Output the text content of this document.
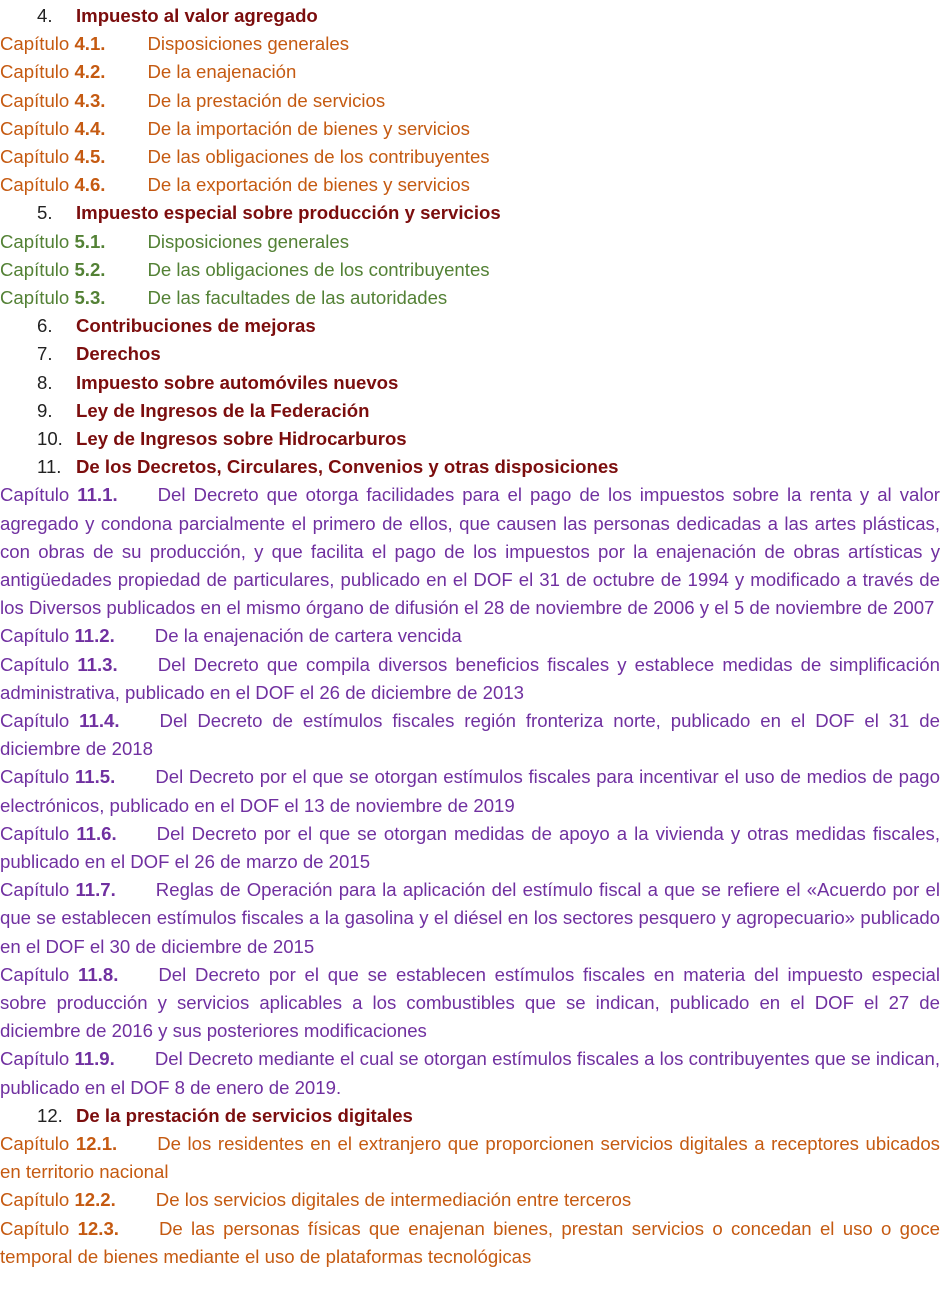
4.	Impuesto al valor agregado

Capítulo 4.1. Disposiciones generales

Capítulo 4.2. De la enajenación

Capítulo 4.3. De la prestación de servicios

Capítulo 4.4. De la importación de bienes y servicios

Capítulo 4.5. De las obligaciones de los contribuyentes

Capítulo 4.6. De la exportación de bienes y servicios

5.	Impuesto especial sobre producción y servicios

Capítulo 5.1. Disposiciones generales

Capítulo 5.2. De las obligaciones de los contribuyentes

Capítulo 5.3. De las facultades de las autoridades

6.	Contribuciones de mejoras
7.	Derechos
8.	Impuesto sobre automóviles nuevos
9.	Ley de Ingresos de la Federación
10. Ley de Ingresos sobre Hidrocarburos
11. De los Decretos, Circulares, Convenios y otras disposiciones

Capítulo 11.1. Del Decreto que otorga facilidades para el pago de los impuestos sobre la renta y al valor agregado y condona parcialmente el primero de ellos, que causen las personas dedicadas a las artes plásticas, con obras de su producción, y que facilita el pago de los impuestos por la enajenación de obras artísticas y antigüedades propiedad de particulares, publicado en el DOF el 31 de octubre de 1994 y modificado a través de los Diversos publicados en el mismo órgano de difusión el 28 de noviembre de 2006 y el 5 de noviembre de 2007

Capítulo 11.2. De la enajenación de cartera vencida

Capítulo 11.3. Del Decreto que compila diversos beneficios fiscales y establece medidas de simplificación administrativa, publicado en el DOF el 26 de diciembre de 2013

Capítulo 11.4. Del Decreto de estímulos fiscales región fronteriza norte, publicado en el DOF el 31 de diciembre de 2018

Capítulo 11.5. Del Decreto por el que se otorgan estímulos fiscales para incentivar el uso de medios de pago electrónicos, publicado en el DOF el 13 de noviembre de 2019

Capítulo 11.6. Del Decreto por el que se otorgan medidas de apoyo a la vivienda y otras medidas fiscales, publicado en el DOF el 26 de marzo de 2015

Capítulo 11.7. Reglas de Operación para la aplicación del estímulo fiscal a que se refiere el «Acuerdo por el que se establecen estímulos fiscales a la gasolina y el diésel en los sectores pesquero y agropecuario» publicado en el DOF el 30 de diciembre de 2015

Capítulo 11.8. Del Decreto por el que se establecen estímulos fiscales en materia del impuesto especial sobre producción y servicios aplicables a los combustibles que se indican, publicado en el DOF el 27 de diciembre de 2016 y sus posteriores modificaciones

Capítulo 11.9. Del Decreto mediante el cual se otorgan estímulos fiscales a los contribuyentes que se indican, publicado en el DOF 8 de enero de 2019.

12. De la prestación de servicios digitales

Capítulo 12.1. De los residentes en el extranjero que proporcionen servicios digitales a receptores ubicados en territorio nacional

Capítulo 12.2. De los servicios digitales de intermediación entre terceros

Capítulo 12.3. De las personas físicas que enajenan bienes, prestan servicios o concedan el uso o goce temporal de bienes mediante el uso de plataformas tecnológicas
